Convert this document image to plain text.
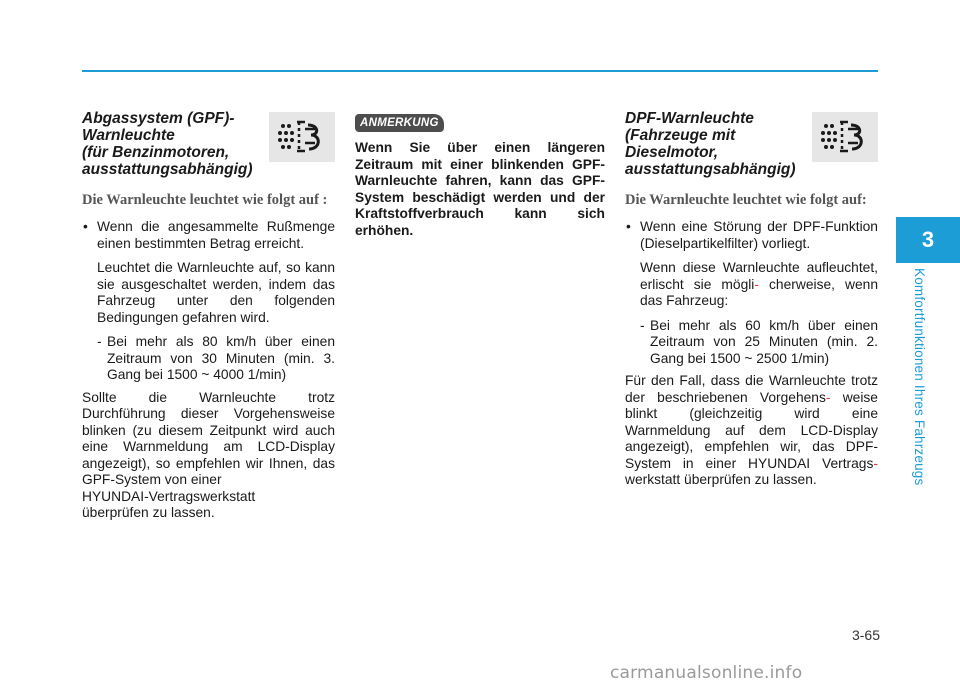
3
Komfortfunktionen Ihres Fahrzeugs
3-65
Abgassystem (GPF)-
Warnleuchte
(für Benzinmotoren,
ausstattungsabhängig)
Die Warnleuchte leuchtet wie folgt auf :
• Wenn die angesammelte Rußmenge einen bestimmten Betrag erreicht.
Leuchtet die Warnleuchte auf, so kann sie ausgeschaltet werden, indem das Fahrzeug unter den folgenden Bedingungen gefahren wird.
- Bei mehr als 80 km/h über einen Zeitraum von 30 Minuten (min. 3. Gang bei 1500 ~ 4000 1/min)
Sollte die Warnleuchte trotz Durchführung dieser Vorgehensweise blinken (zu diesem Zeitpunkt wird auch eine Warnmeldung am LCD-Display angezeigt), so empfehlen wir Ihnen, das GPF-System von einer
HYUNDAI-Vertragswerkstatt
überprüfen zu lassen.
ANMERKUNG
Wenn Sie über einen längeren Zeitraum mit einer blinkenden GPF-Warnleuchte fahren, kann das GPF-System beschädigt werden und der Kraftstoffverbrauch kann sich erhöhen.
DPF-Warnleuchte
(Fahrzeuge mit
Dieselmotor,
ausstattungsabhängig)
Die Warnleuchte leuchtet wie folgt auf:
• Wenn eine Störung der DPF-Funktion (Dieselpartikelfilter) vorliegt.
Wenn diese Warnleuchte aufleuchtet, erlischt sie mögli- cherweise, wenn das Fahrzeug:
- Bei mehr als 60 km/h über einen Zeitraum von 25 Minuten (min. 2. Gang bei 1500 ~ 2500 1/min)
Für den Fall, dass die Warnleuchte trotz der beschriebenen Vorgehens- weise blinkt (gleichzeitig wird eine Warnmeldung auf dem LCD-Display angezeigt), empfehlen wir, das DPF-System in einer HYUNDAI Vertrags- werkstatt überprüfen zu lassen.
carmanualsonline.info
